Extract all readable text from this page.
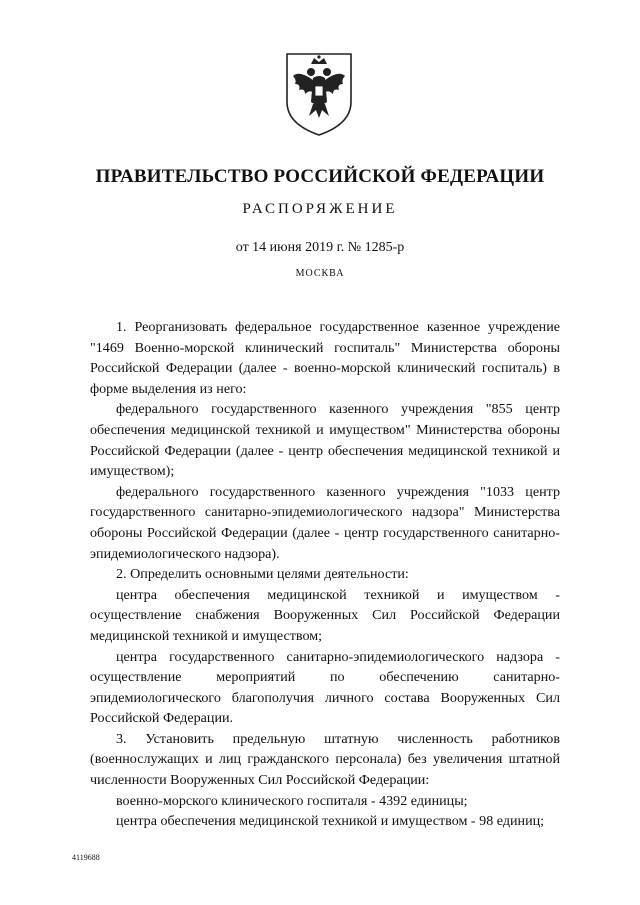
ПРАВИТЕЛЬСТВО РОССИЙСКОЙ ФЕДЕРАЦИИ
РАСПОРЯЖЕНИЕ
от 14 июня 2019 г. № 1285-р
МОСКВА

1. Реорганизовать федеральное государственное казенное учреждение "1469 Военно-морской клинический госпиталь" Министерства обороны Российской Федерации (далее - военно-морской клинический госпиталь) в форме выделения из него:

федерального государственного казенного учреждения "855 центр обеспечения медицинской техникой и имуществом" Министерства обороны Российской Федерации (далее - центр обеспечения медицинской техникой и имуществом);

федерального государственного казенного учреждения "1033 центр государственного санитарно-эпидемиологического надзора" Министерства обороны Российской Федерации (далее - центр государственного санитарно-эпидемиологического надзора).

2. Определить основными целями деятельности:

центра обеспечения медицинской техникой и имуществом - осуществление снабжения Вооруженных Сил Российской Федерации медицинской техникой и имуществом;

центра государственного санитарно-эпидемиологического надзора - осуществление мероприятий по обеспечению санитарно-эпидемиологического благополучия личного состава Вооруженных Сил Российской Федерации.

3. Установить предельную штатную численность работников (военнослужащих и лиц гражданского персонала) без увеличения штатной численности Вооруженных Сил Российской Федерации:

военно-морского клинического госпиталя - 4392 единицы;

центра обеспечения медицинской техникой и имуществом - 98 единиц;

4119688
